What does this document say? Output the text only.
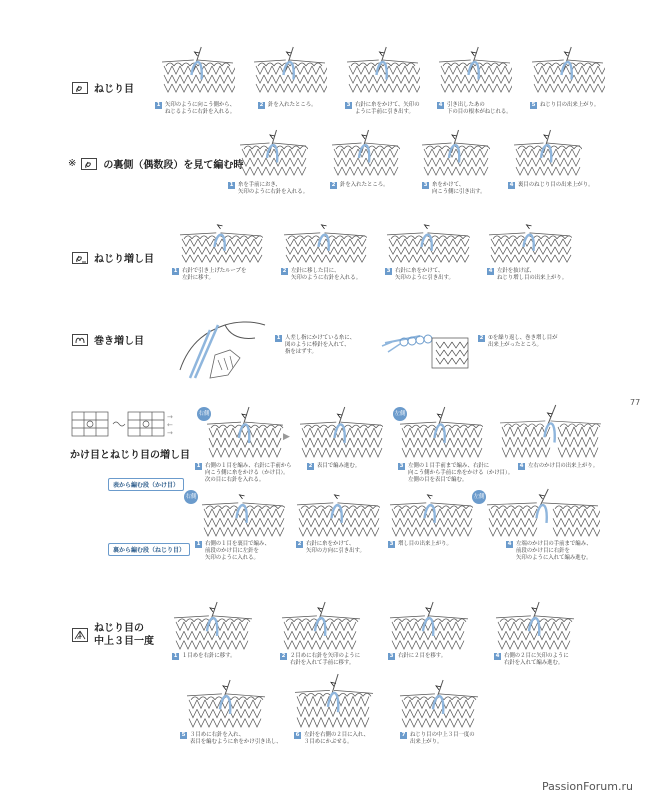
ねじり目
1 矢印のように向こう側から、
ねじるように右針を入れる。
2 針を入れたところ。	3 右針に糸をかけて、矢印の
ように手前に引き出す。
4 引き出したあの
下の目の根本がねじれる。
5 ねじり目の出来上がり。
※	の裏側（偶数段）を見て編む時
1 糸を手前におき、
矢印のように右針を入れる。
2 針を入れたところ。	3 糸をかけて、
向こう側に引き出す。
4 裏目のねじり目の出来上がり。
ねじり増し目
1 右針で引き上げたループを
左針に移す。
2 左針に移した目に、
矢印のように右針を入れる。
3 右針に糸をかけて、
矢印のように引き出す。
4 左針を抜けば、
ねじり増し目の出来上がり。
巻き増し目	1 人差し指にかけている糸に、
図のように棒針を入れて、
指をはずす。
2 ①を繰り返し、巻き増し目が
出来上がったところ。
77
→
←
→
かけ目とねじり目の増し目
表から編む段（かけ目）
裏から編む段（ねじり目）
右側	左側
右側	左側
▶
1 右側の１目を編み、右針に手前から
向こう側に糸をかける（かけ目）。
次の目に右針を入れる。
2 表目で編み進む。	3 左側の１目手前まで編み、右針に
向こう側から手前に糸をかける（かけ目）。
左側の目を表目で編む。
4 左右のかけ目の出来上がり。
1 右側の１目を裏目で編み、
前段のかけ目に左針を
矢印のように入れる。
2 右針に糸をかけて、
矢印の方向に引き出す。
3 増し目の出来上がり。	4 左端のかけ目の手前まで編み、
前段のかけ目に右針を
矢印のように入れて編み進む。
ねじり目の
中上３目一度
1 １目めを右針に移す。	2 ２目めに右針を矢印のように
右針を入れて手前に移す。
3 右針に２目を移す。	4 右側の２目に矢印のように
右針を入れて編み進む。
5 ３目めに右針を入れ、
表目を編むように糸をかけ引き出し、
6 左針を右側の２目に入れ、
３目めにかぶせる。
7 ねじり目の中上３目一度の
出来上がり。
PassionForum.ru
